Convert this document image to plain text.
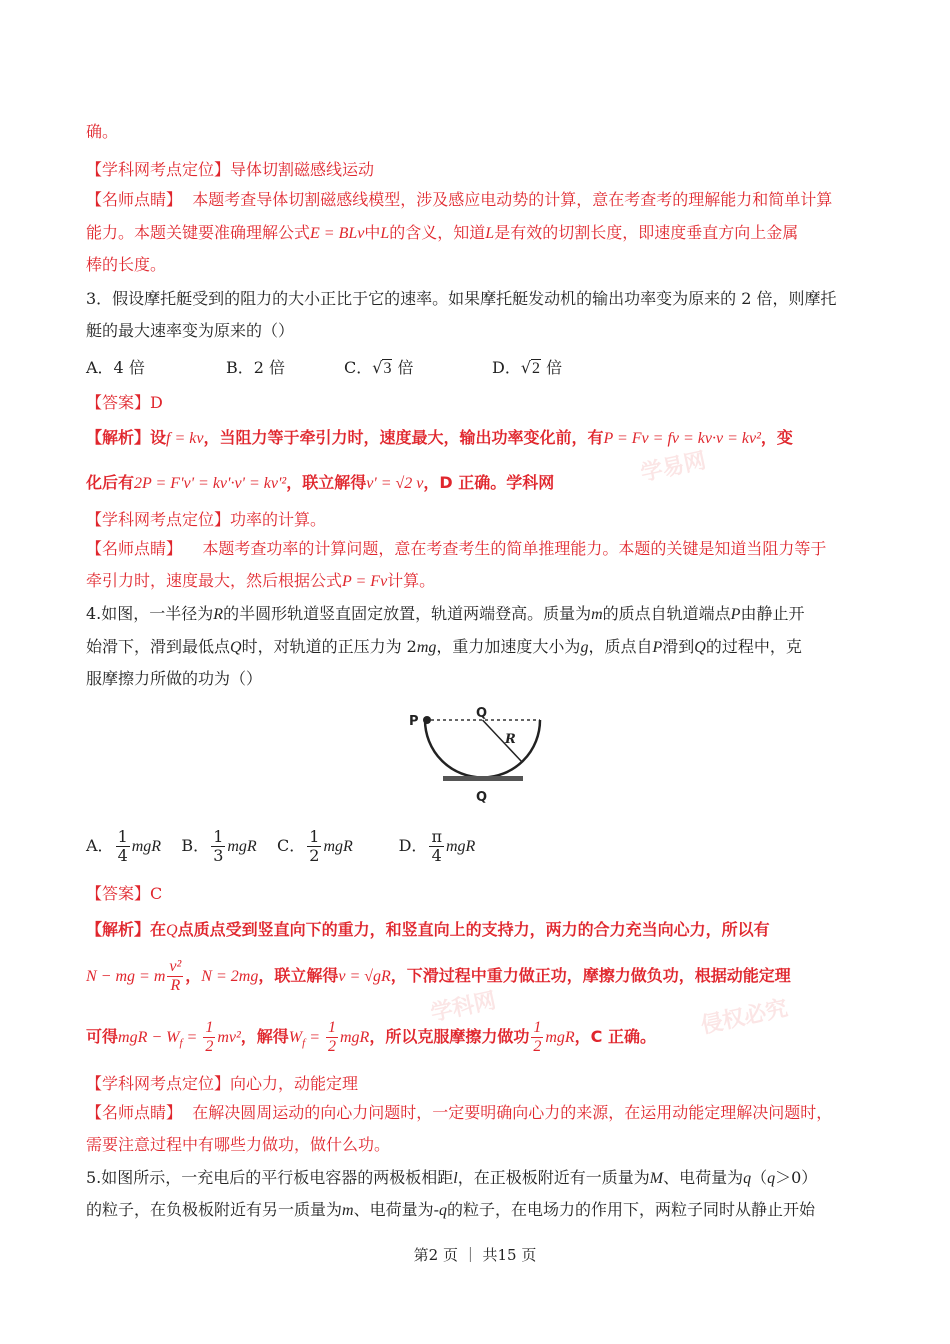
学易网
学科网	侵权必究
确。
【学科网考点定位】导体切割磁感线运动
【名师点睛】 本题考查导体切割磁感线模型，涉及感应电动势的计算，意在考查考的理解能力和简单计算
能力。本题关键要准确理解公式E = BLv中L的含义，知道L是有效的切割长度，即速度垂直方向上金属
棒的长度。
3．假设摩托艇受到的阻力的大小正比于它的速率。如果摩托艇发动机的输出功率变为原来的 2 倍，则摩托
艇的最大速率变为原来的（）
A．4 倍	B．2 倍	C．√3 倍	D．√2 倍
【答案】D
【解析】设f = kv，当阻力等于牵引力时，速度最大，输出功率变化前，有P = Fv = fv = kv·v = kv²，变
化后有2P = F'v' = kv'·v' = kv'²，联立解得v' = √2 v，D 正确。学科网
【学科网考点定位】功率的计算。
【名师点睛】 本题考查功率的计算问题，意在考查考生的简单推理能力。本题的关键是知道当阻力等于
牵引力时，速度最大，然后根据公式P = Fv计算。
4.如图，一半径为R的半圆形轨道竖直固定放置，轨道两端登高。质量为m的质点自轨道端点P由静止开
始滑下，滑到最低点Q时，对轨道的正压力为 2mg，重力加速度大小为g，质点自P滑到Q的过程中，克
服摩擦力所做的功为（）
P
Q
R
Q
A． $\frac{1}{4}$ mgR B． $\frac{1}{3}$ mgR C． $\frac{1}{2}$ mgR	D． $\frac{\pi}{4}$ mgR
【答案】C
【解析】在Q点质点受到竖直向下的重力，和竖直向上的支持力，两力的合力充当向心力，所以有
N − mg = m $\frac{\text{v²}}{R}$ ，N = 2mg，联立解得v = √gR，下滑过程中重力做正功，摩擦力做负功，根据动能定理
可得mgR − $W_f = \frac{1}{2} mv^2$，解得$W_f = \frac{1}{2}$ mgR，所以克服摩擦力做功 $\frac{1}{2}$ mgR，C 正确。
【学科网考点定位】向心力，动能定理
【名师点睛】 在解决圆周运动的向心力问题时，一定要明确向心力的来源，在运用动能定理解决问题时，
需要注意过程中有哪些力做功，做什么功。
5.如图所示，一充电后的平行板电容器的两极板相距l，在正极板附近有一质量为M、电荷量为q（q＞0）
的粒子，在负极板附近有另一质量为m、电荷量为-q的粒子，在电场力的作用下，两粒子同时从静止开始
第2 页 ｜ 共15 页
